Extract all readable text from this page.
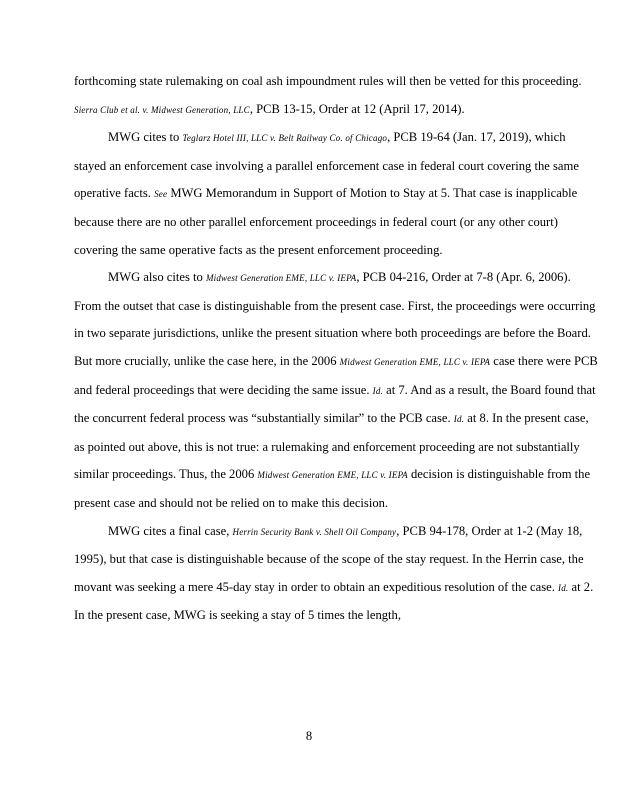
forthcoming state rulemaking on coal ash impoundment rules will then be vetted for this proceeding. Sierra Club et al. v. Midwest Generation, LLC, PCB 13-15, Order at 12 (April 17, 2014).

MWG cites to Teglarz Hotel III, LLC v. Belt Railway Co. of Chicago, PCB 19-64 (Jan. 17, 2019), which stayed an enforcement case involving a parallel enforcement case in federal court covering the same operative facts. See MWG Memorandum in Support of Motion to Stay at 5. That case is inapplicable because there are no other parallel enforcement proceedings in federal court (or any other court) covering the same operative facts as the present enforcement proceeding.

MWG also cites to Midwest Generation EME, LLC v. IEPA, PCB 04-216, Order at 7-8 (Apr. 6, 2006). From the outset that case is distinguishable from the present case. First, the proceedings were occurring in two separate jurisdictions, unlike the present situation where both proceedings are before the Board. But more crucially, unlike the case here, in the 2006 Midwest Generation EME, LLC v. IEPA case there were PCB and federal proceedings that were deciding the same issue. Id. at 7. And as a result, the Board found that the concurrent federal process was “substantially similar” to the PCB case. Id. at 8. In the present case, as pointed out above, this is not true: a rulemaking and enforcement proceeding are not substantially similar proceedings. Thus, the 2006 Midwest Generation EME, LLC v. IEPA decision is distinguishable from the present case and should not be relied on to make this decision.

MWG cites a final case, Herrin Security Bank v. Shell Oil Company, PCB 94-178, Order at 1-2 (May 18, 1995), but that case is distinguishable because of the scope of the stay request. In the Herrin case, the movant was seeking a mere 45-day stay in order to obtain an expeditious resolution of the case. Id. at 2. In the present case, MWG is seeking a stay of 5 times the length,

8
